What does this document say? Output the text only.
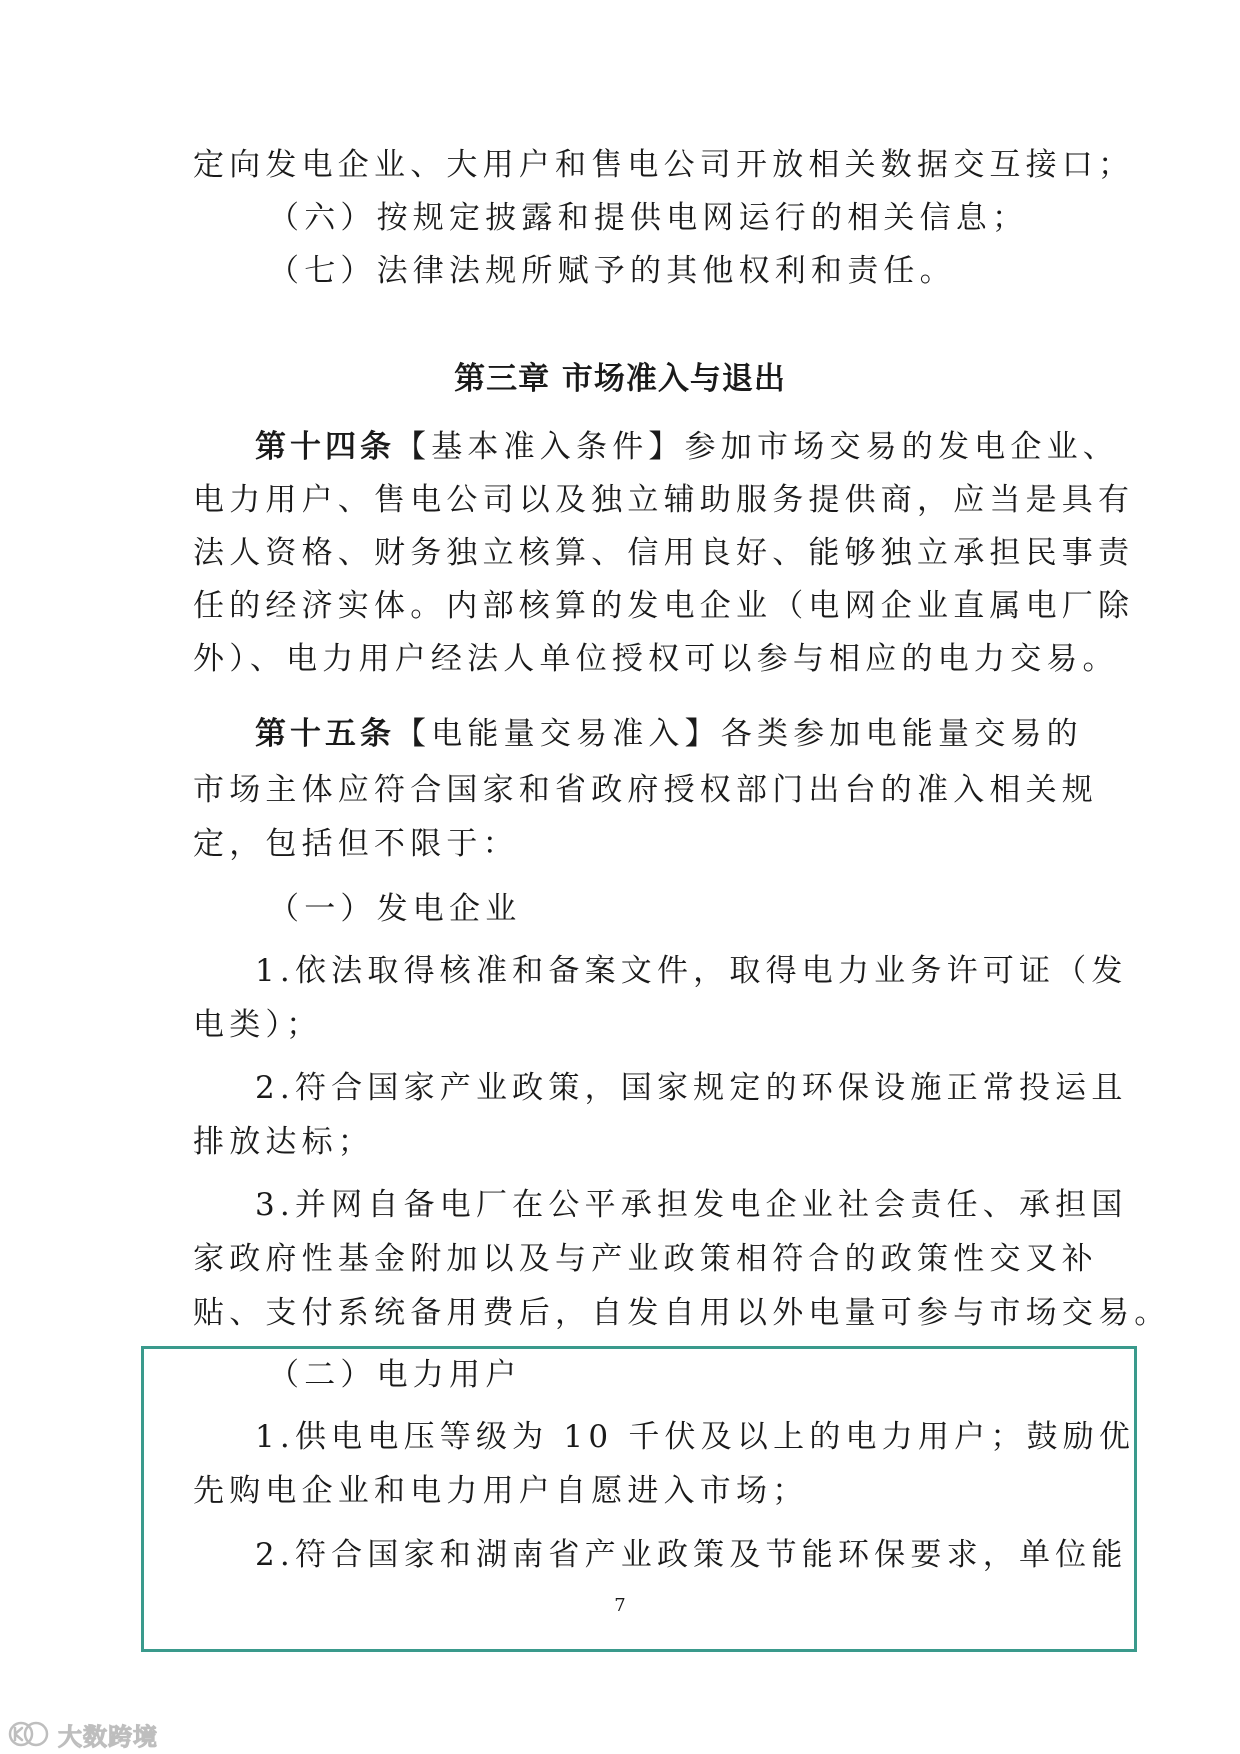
定向发电企业、大用户和售电公司开放相关数据交互接口；
（六）按规定披露和提供电网运行的相关信息；
（七）法律法规所赋予的其他权利和责任。
第三章 市场准入与退出
第十四条【基本准入条件】参加市场交易的发电企业、
电力用户、售电公司以及独立辅助服务提供商，应当是具有
法人资格、财务独立核算、信用良好、能够独立承担民事责
任的经济实体。内部核算的发电企业（电网企业直属电厂除
外）、电力用户经法人单位授权可以参与相应的电力交易。
第十五条【电能量交易准入】各类参加电能量交易的
市场主体应符合国家和省政府授权部门出台的准入相关规
定，包括但不限于：
（一）发电企业
1.依法取得核准和备案文件，取得电力业务许可证（发
电类）；
2.符合国家产业政策，国家规定的环保设施正常投运且
排放达标；
3.并网自备电厂在公平承担发电企业社会责任、承担国
家政府性基金附加以及与产业政策相符合的政策性交叉补
贴、支付系统备用费后，自发自用以外电量可参与市场交易。
（二）电力用户
1.供电电压等级为 10 千伏及以上的电力用户；鼓励优
先购电企业和电力用户自愿进入市场；
2.符合国家和湖南省产业政策及节能环保要求，单位能
7
大数跨境
